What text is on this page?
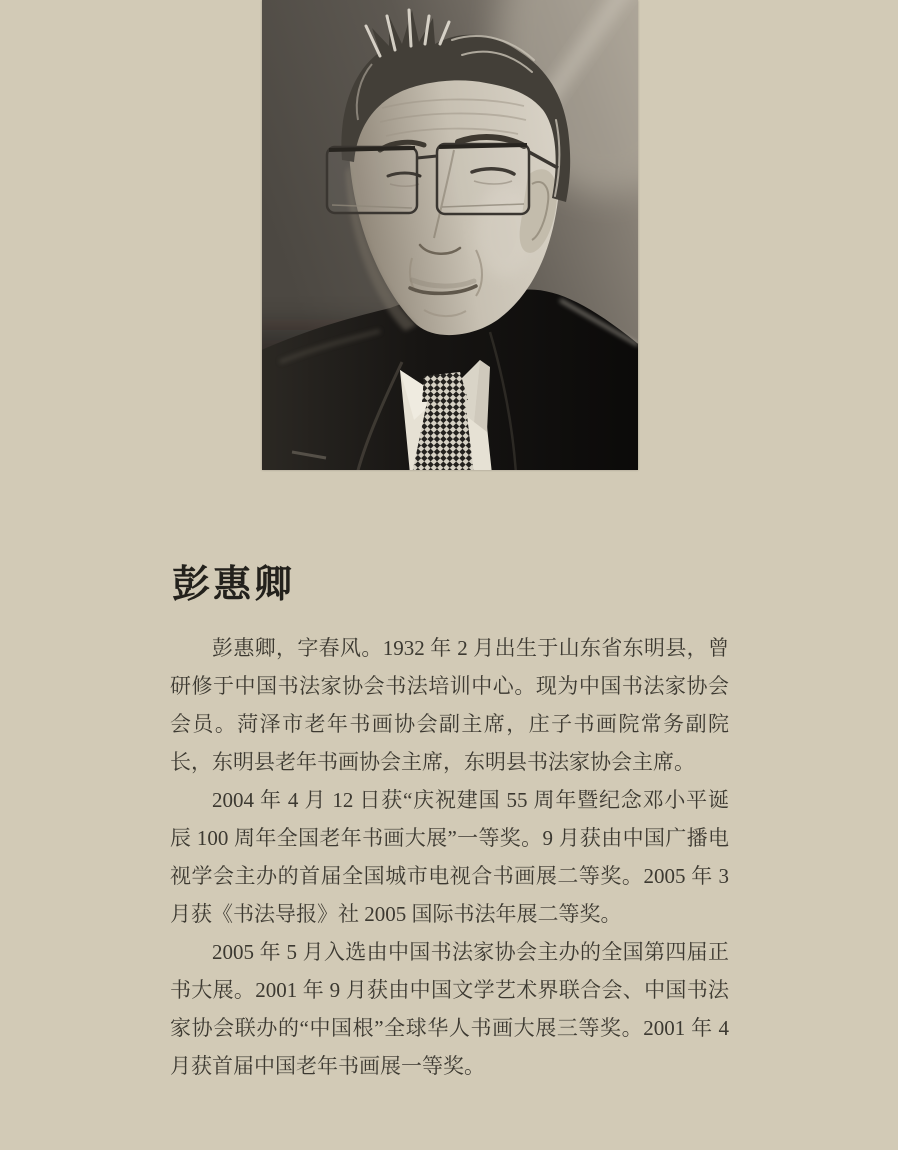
彭惠卿

彭惠卿，字春风。1932 年 2 月出生于山东省东明县，曾研修于中国书法家协会书法培训中心。现为中国书法家协会会员。菏泽市老年书画协会副主席，庄子书画院常务副院长，东明县老年书画协会主席，东明县书法家协会主席。

2004 年 4 月 12 日获“庆祝建国 55 周年暨纪念邓小平诞辰 100 周年全国老年书画大展”一等奖。9 月获由中国广播电视学会主办的首届全国城市电视合书画展二等奖。2005 年 3 月获《书法导报》社 2005 国际书法年展二等奖。

2005 年 5 月入选由中国书法家协会主办的全国第四届正书大展。2001 年 9 月获由中国文学艺术界联合会、中国书法家协会联办的“中国根”全球华人书画大展三等奖。2001 年 4 月获首届中国老年书画展一等奖。
